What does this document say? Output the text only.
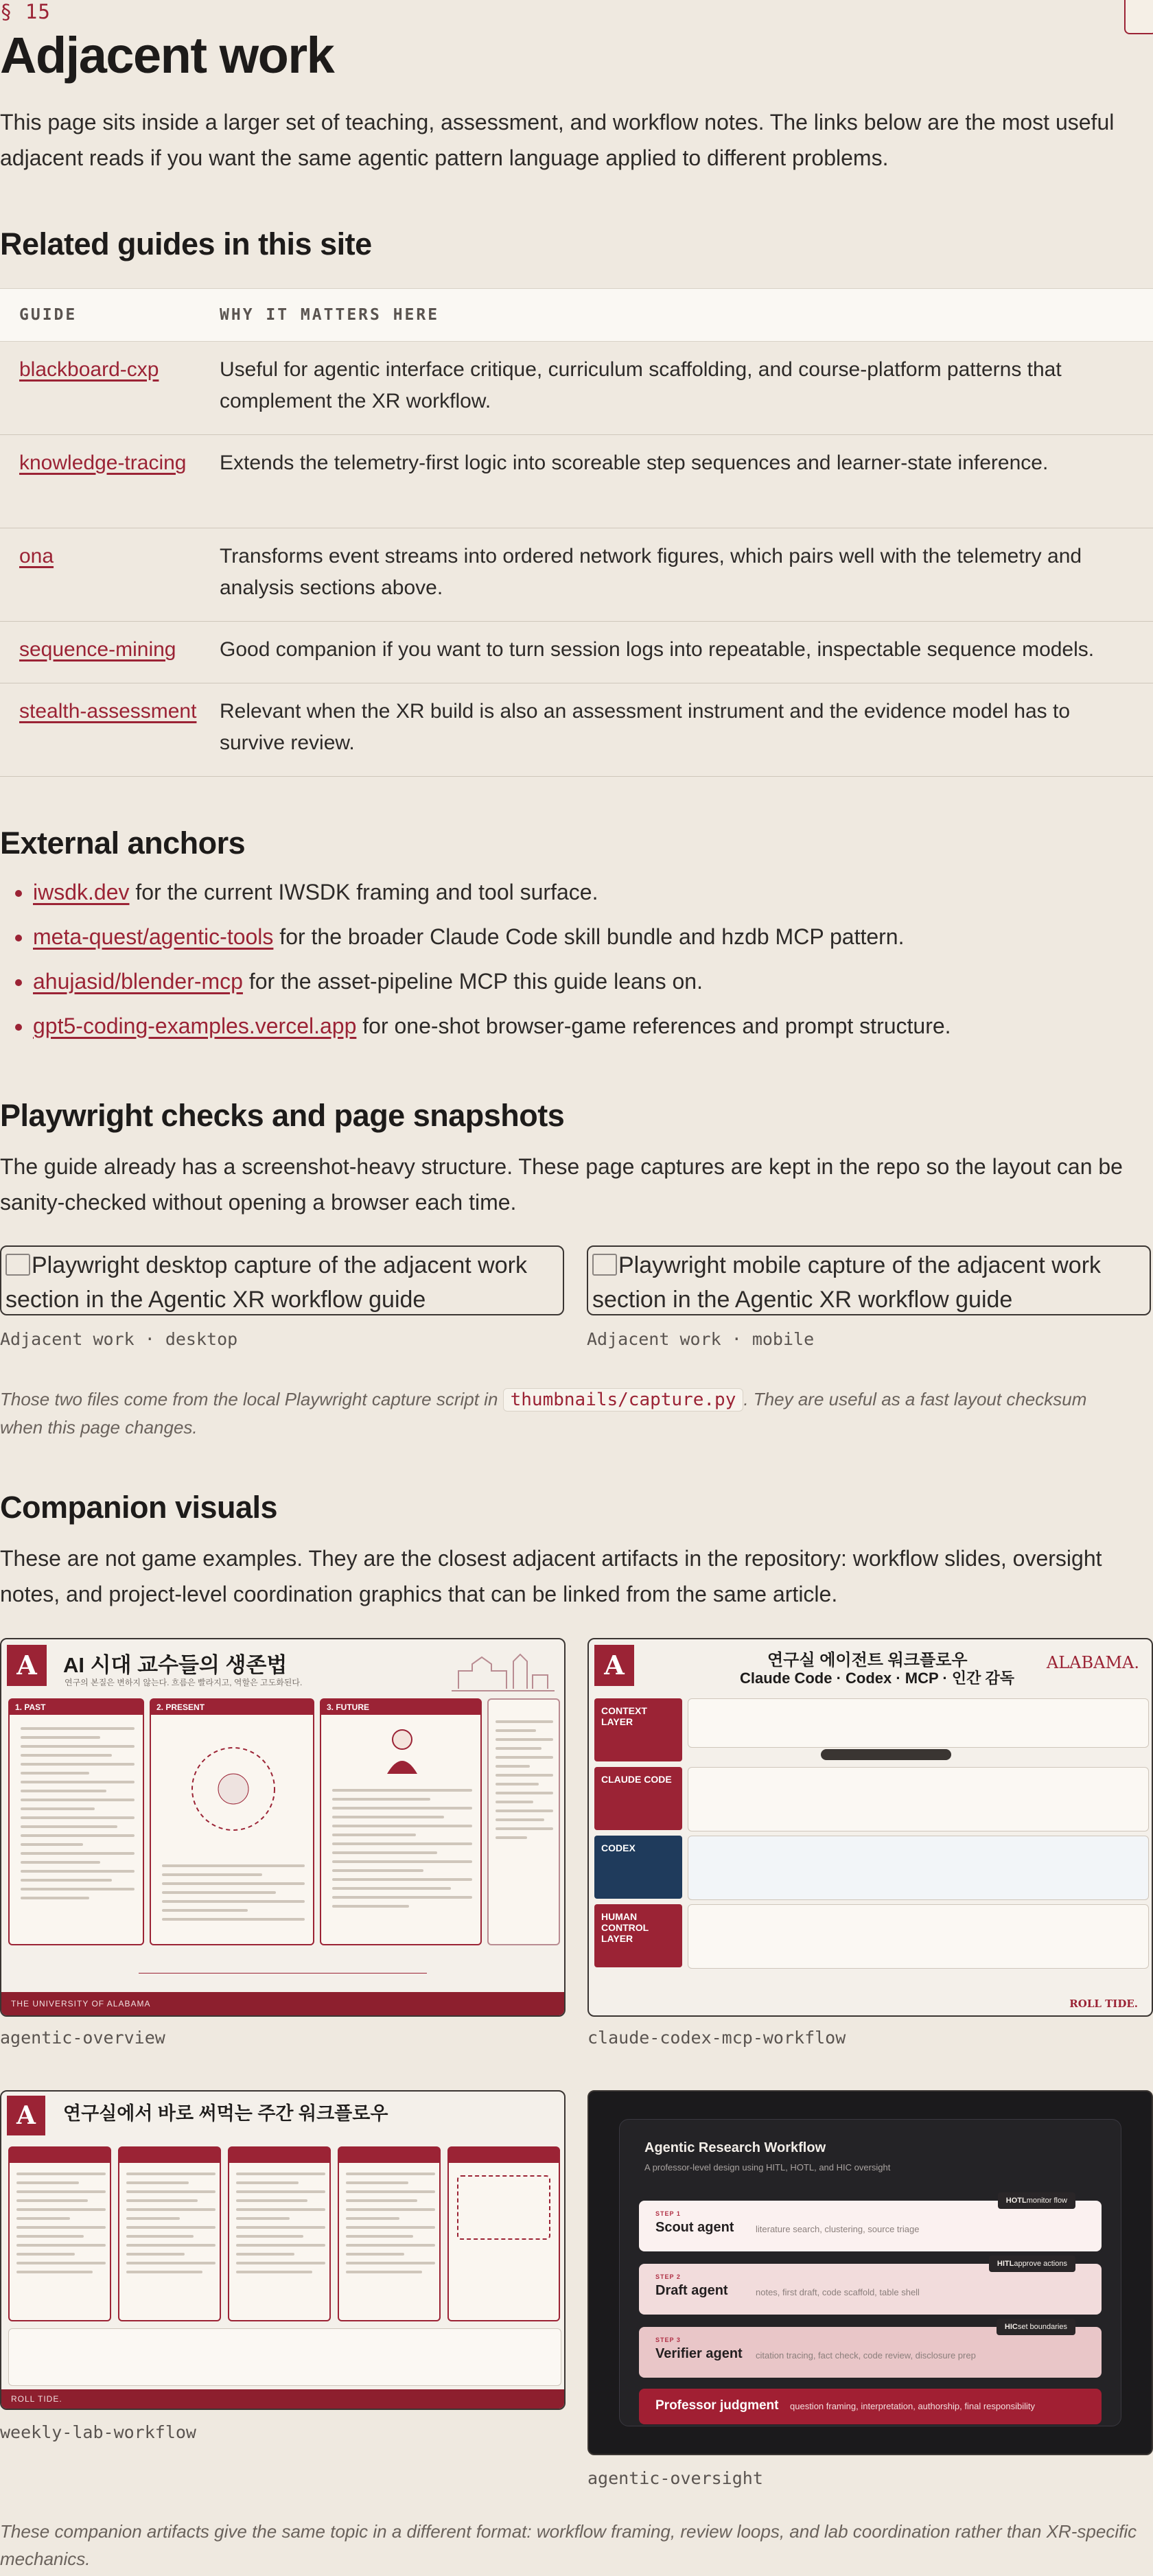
§ 15
Adjacent work

This page sits inside a larger set of teaching, assessment, and workflow notes. The links below are the most useful adjacent reads if you want the same agentic pattern language applied to different problems.

Related guides in this site
GUIDE	WHY IT MATTERS HERE
blackboard-cxp	Useful for agentic interface critique, curriculum scaffolding, and course-platform patterns that complement the XR workflow.
knowledge-tracing	Extends the telemetry-first logic into scoreable step sequences and learner-state inference.
ona	Transforms event streams into ordered network figures, which pairs well with the telemetry and analysis sections above.
sequence-mining	Good companion if you want to turn session logs into repeatable, inspectable sequence models.
stealth-assessment	Relevant when the XR build is also an assessment instrument and the evidence model has to survive review.
External anchors
• iwsdk.dev for the current IWSDK framing and tool surface.
• meta-quest/agentic-tools for the broader Claude Code skill bundle and hzdb MCP pattern.
• ahujasid/blender-mcp for the asset-pipeline MCP this guide leans on.
• gpt5-coding-examples.vercel.app for one-shot browser-game references and prompt structure.
Playwright checks and page snapshots

The guide already has a screenshot-heavy structure. These page captures are kept in the repo so the layout can be sanity-checked without opening a browser each time.

Playwright desktop capture of the adjacent work section in the Agentic XR workflow guide
Playwright mobile capture of the adjacent work section in the Agentic XR workflow guide
Adjacent work · desktop	Adjacent work · mobile
Those two files come from the local Playwright capture script in thumbnails/capture.py . They are useful as a fast layout checksum when this page changes.
Companion visuals

These are not game examples. They are the closest adjacent artifacts in the repository: workflow slides, oversight notes, and project-level coordination graphics that can be linked from the same article.

A	AI 시대 교수들의 생존법
연구의 본질은 변하지 않는다. 흐름은 빨라지고, 역할은 고도화된다.
1. PAST	2. PRESENT	3. FUTURE
THE UNIVERSITY OF ALABAMA
A	연구실 에이전트 워크플로우
Claude Code · Codex · MCP · 인간 감독
ALABAMA.
CONTEXT LAYER
CLAUDE CODE
CODEX
HUMAN CONTROL LAYER
ROLL TIDE.
agentic-overview	claude-codex-mcp-workflow
A	연구실에서 바로 써먹는 주간 워크플로우
ROLL TIDE.
Agentic Research Workflow
A professor-level design using HITL, HOTL, and HIC oversight
STEP 1
Scout agent literature search, clustering, source triage
HOTLmonitor flow
STEP 2
Draft agent	notes, first draft, code scaffold, table shell
HITLapprove actions
STEP 3
Verifier agent citation tracing, fact check, code review, disclosure prep
HICset boundaries
Professor judgment question framing, interpretation, authorship, final responsibility
weekly-lab-workflow
agentic-oversight
These companion artifacts give the same topic in a different format: workflow framing, review loops, and lab coordination rather than XR-specific mechanics.
